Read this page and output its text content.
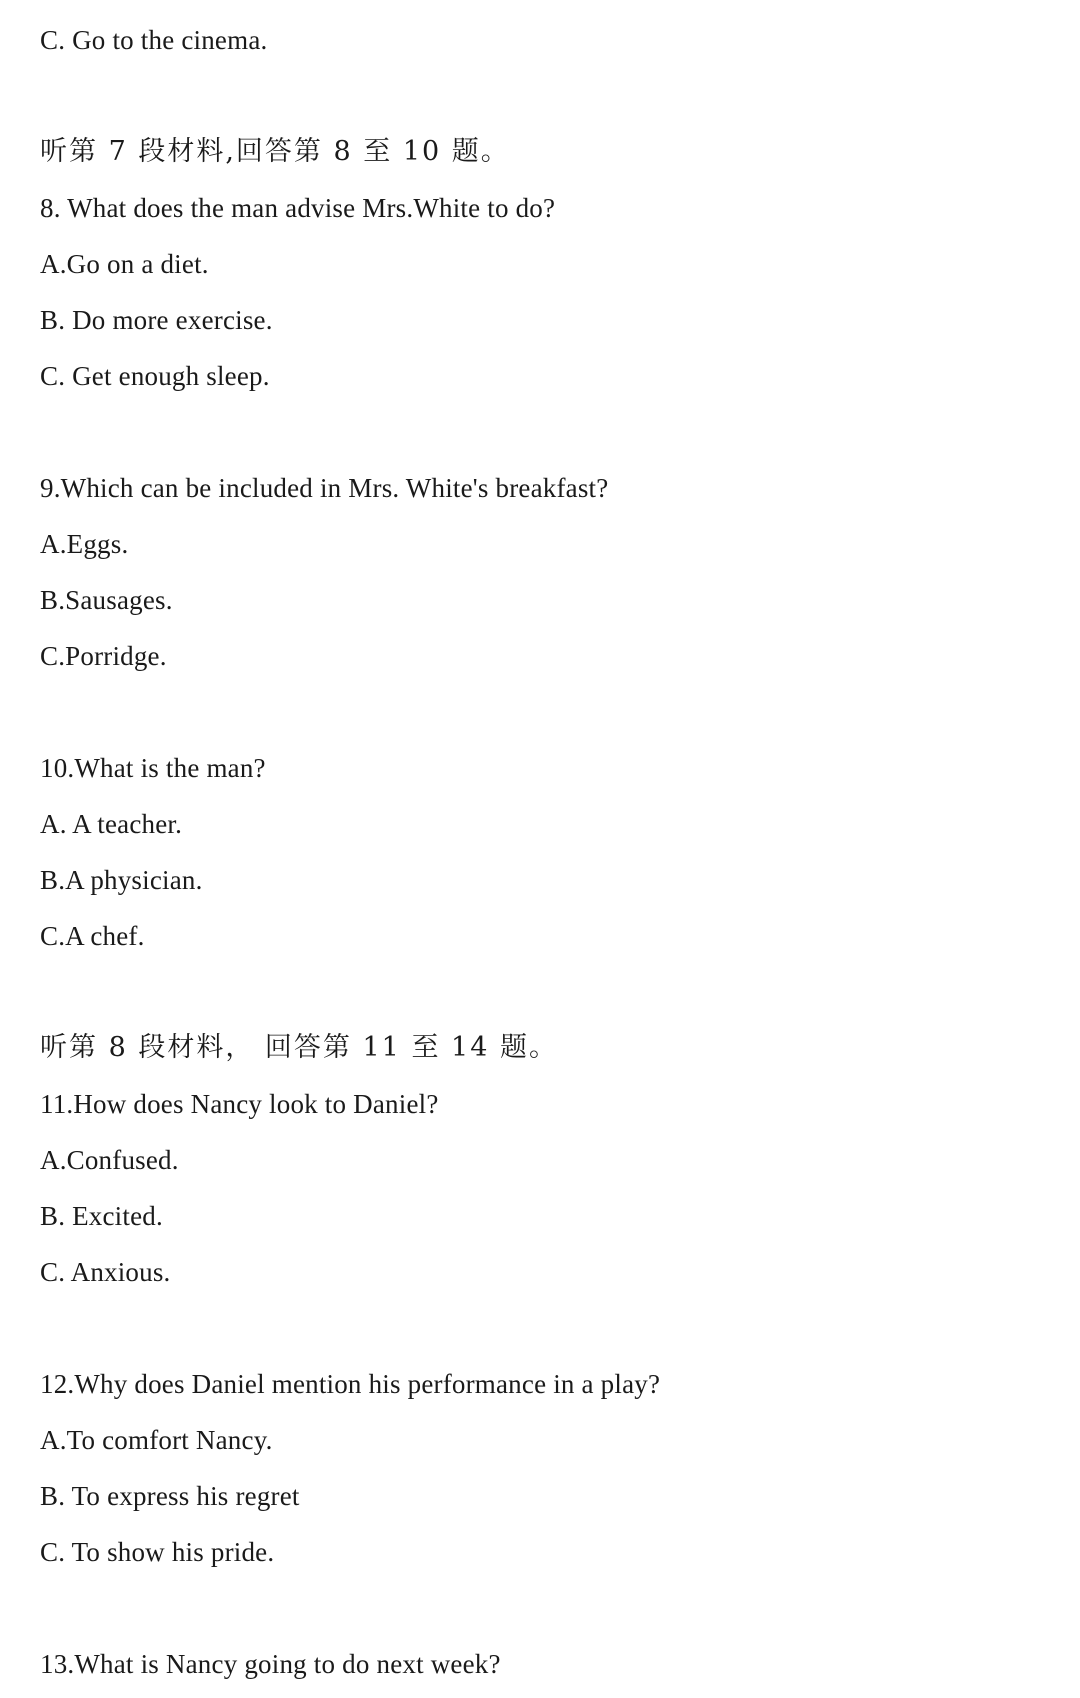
C. Go to the cinema.
听第 7 段材料,回答第 8 至 10 题。
8. What does the man advise Mrs.White to do?
A.Go on a diet.
B. Do more exercise.
C. Get enough sleep.
9.Which can be included in Mrs. White's breakfast?
A.Eggs.
B.Sausages.
C.Porridge.
10.What is the man?
A. A teacher.
B.A physician.
C.A chef.
听第 8 段材料， 回答第 11 至 14 题。
11.How does Nancy look to Daniel?
A.Confused.
B. Excited.
C. Anxious.
12.Why does Daniel mention his performance in a play?
A.To comfort Nancy.
B. To express his regret
C. To show his pride.
13.What is Nancy going to do next week?
